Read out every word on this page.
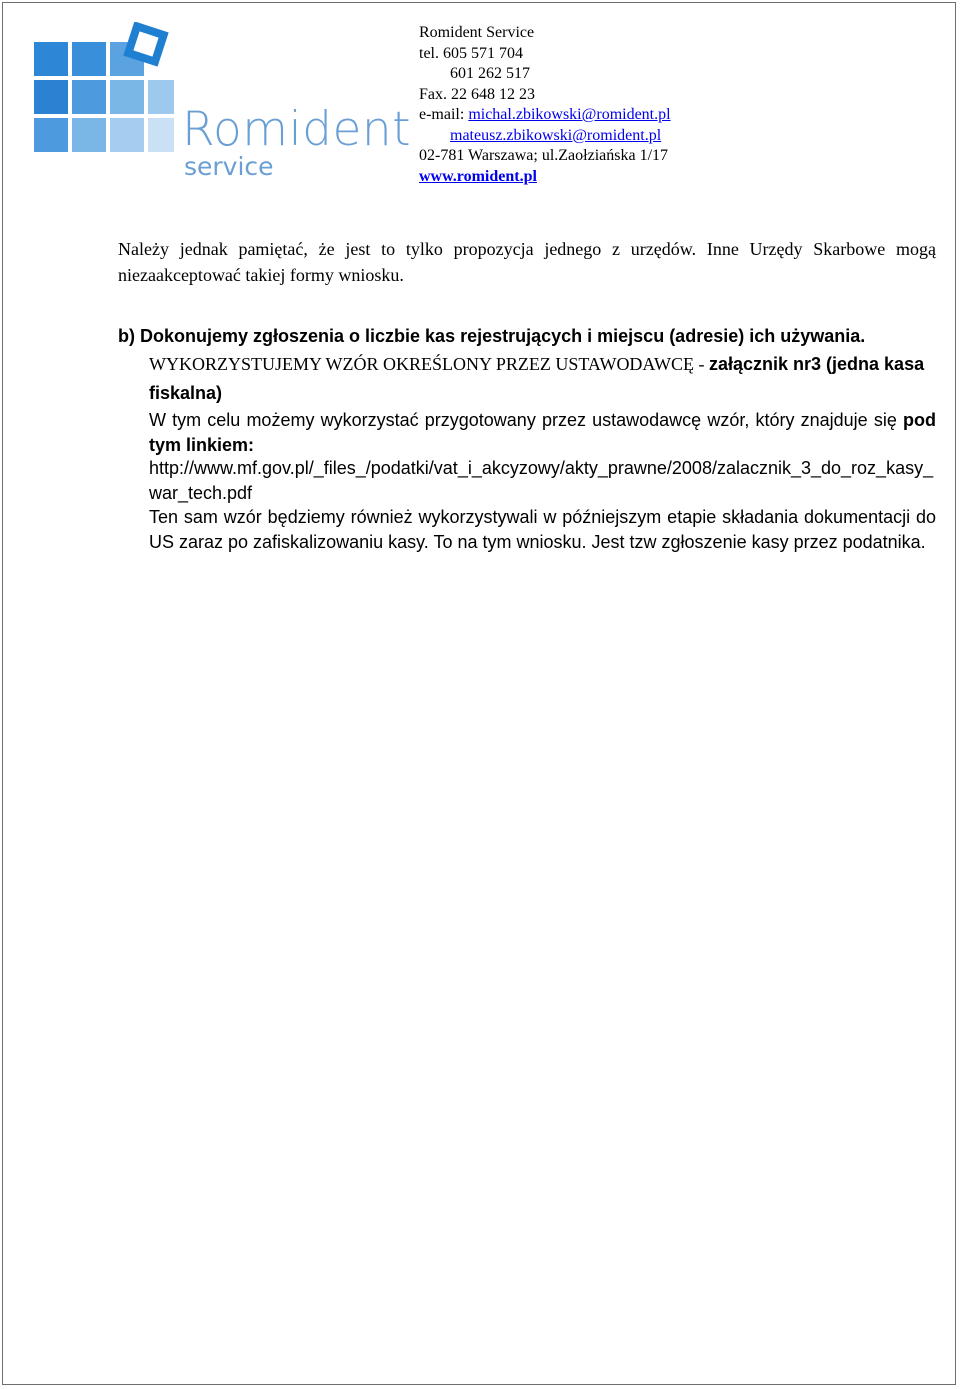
Romident
service
Romident Service
tel. 605 571 704
601 262 517
Fax. 22 648 12 23
e-mail: michal.zbikowski@romident.pl
mateusz.zbikowski@romident.pl
02-781 Warszawa; ul.Zaołziańska 1/17
www.romident.pl
Należy jednak pamiętać, że jest to tylko propozycja jednego z urzędów. Inne Urzędy Skarbowe mogą niezaakceptować takiej formy wniosku.
b) Dokonujemy zgłoszenia o liczbie kas rejestrujących i miejscu (adresie) ich używania.
WYKORZYSTUJEMY WZÓR OKREŚLONY PRZEZ USTAWODAWCĘ - załącznik nr3 (jedna kasa fiskalna)
W tym celu możemy wykorzystać przygotowany przez ustawodawcę wzór, który znajduje się pod tym linkiem:
http://www.mf.gov.pl/_files_/podatki/vat_i_akcyzowy/akty_prawne/2008/zalacznik_3_do_roz_kasy_war_tech.pdf
Ten sam wzór będziemy również wykorzystywali w późniejszym etapie składania dokumentacji do US zaraz po zafiskalizowaniu kasy. To na tym wniosku. Jest tzw zgłoszenie kasy przez podatnika.
